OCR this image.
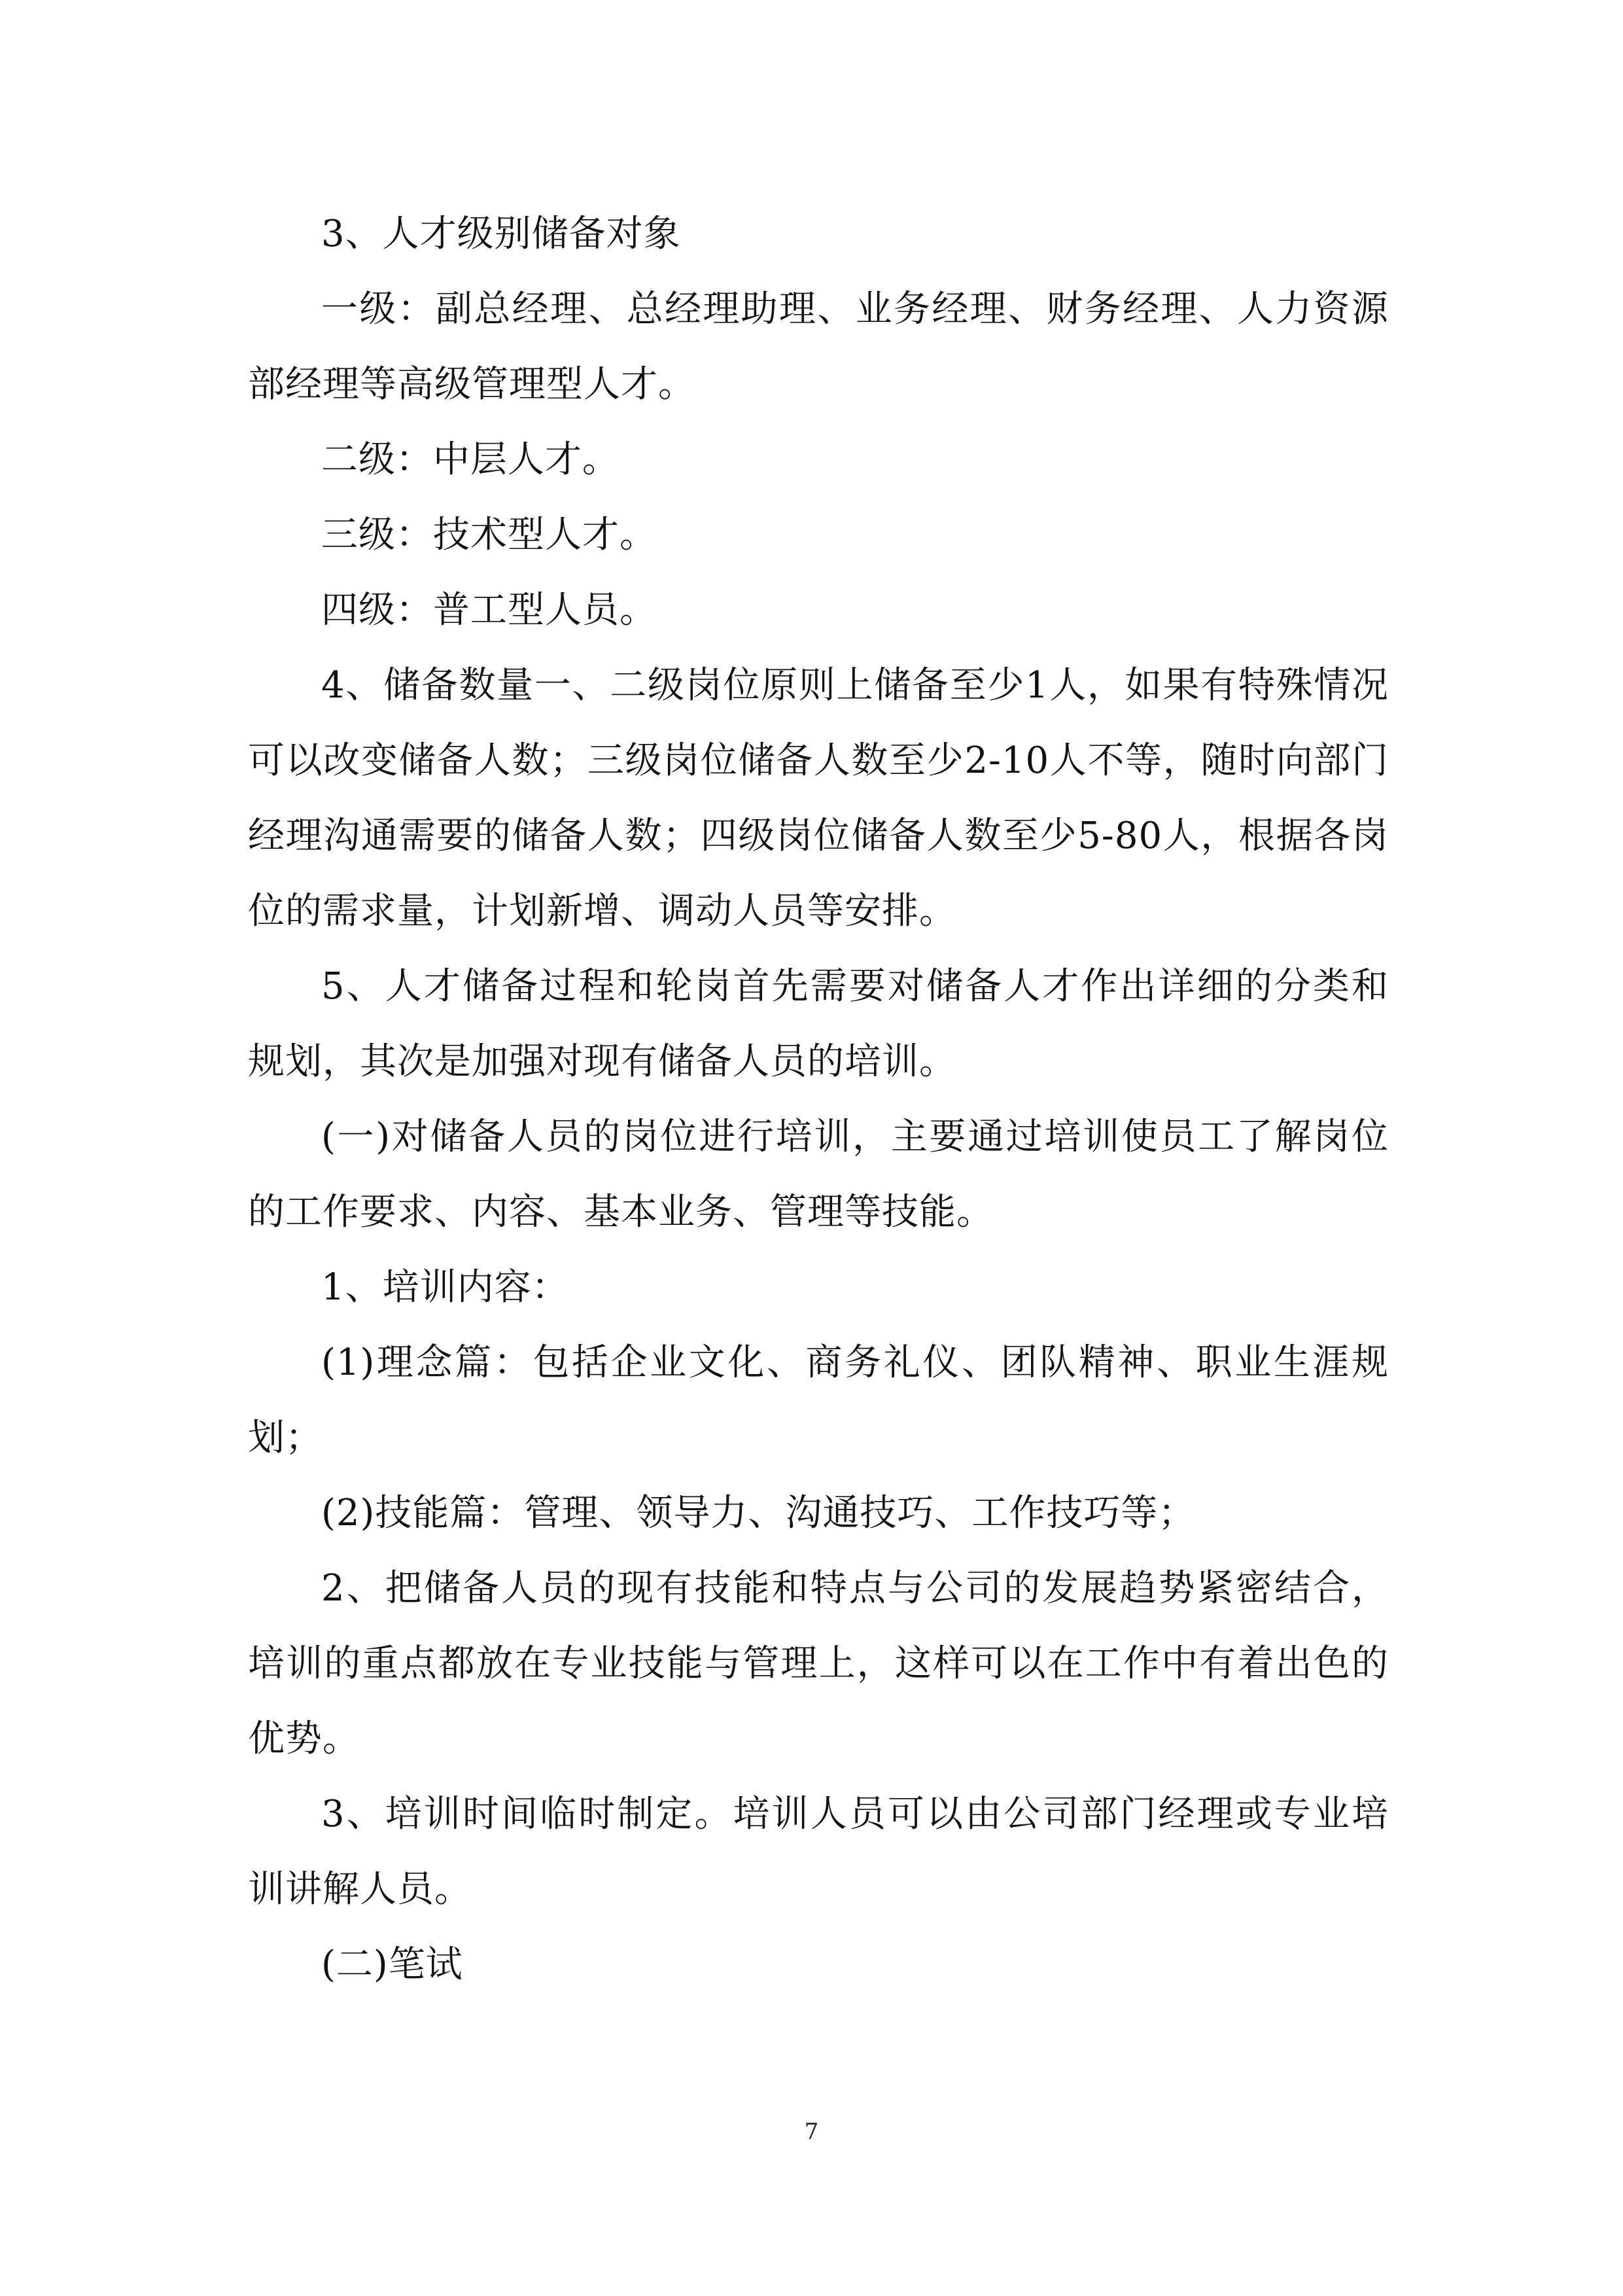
3、人才级别储备对象

一级：副总经理、总经理助理、业务经理、财务经理、人力资源部经理等高级管理型人才。

二级：中层人才。

三级：技术型人才。

四级：普工型人员。

4、储备数量一、二级岗位原则上储备至少1人，如果有特殊情况可以改变储备人数；三级岗位储备人数至少2-10人不等，随时向部门经理沟通需要的储备人数；四级岗位储备人数至少5-80人，根据各岗位的需求量，计划新增、调动人员等安排。

5、人才储备过程和轮岗首先需要对储备人才作出详细的分类和规划，其次是加强对现有储备人员的培训。

(一)对储备人员的岗位进行培训，主要通过培训使员工了解岗位的工作要求、内容、基本业务、管理等技能。

1、培训内容：

(1)理念篇：包括企业文化、商务礼仪、团队精神、职业生涯规划；

(2)技能篇：管理、领导力、沟通技巧、工作技巧等；

2、把储备人员的现有技能和特点与公司的发展趋势紧密结合，培训的重点都放在专业技能与管理上，这样可以在工作中有着出色的优势。

3、培训时间临时制定。培训人员可以由公司部门经理或专业培训讲解人员。

(二)笔试

7
